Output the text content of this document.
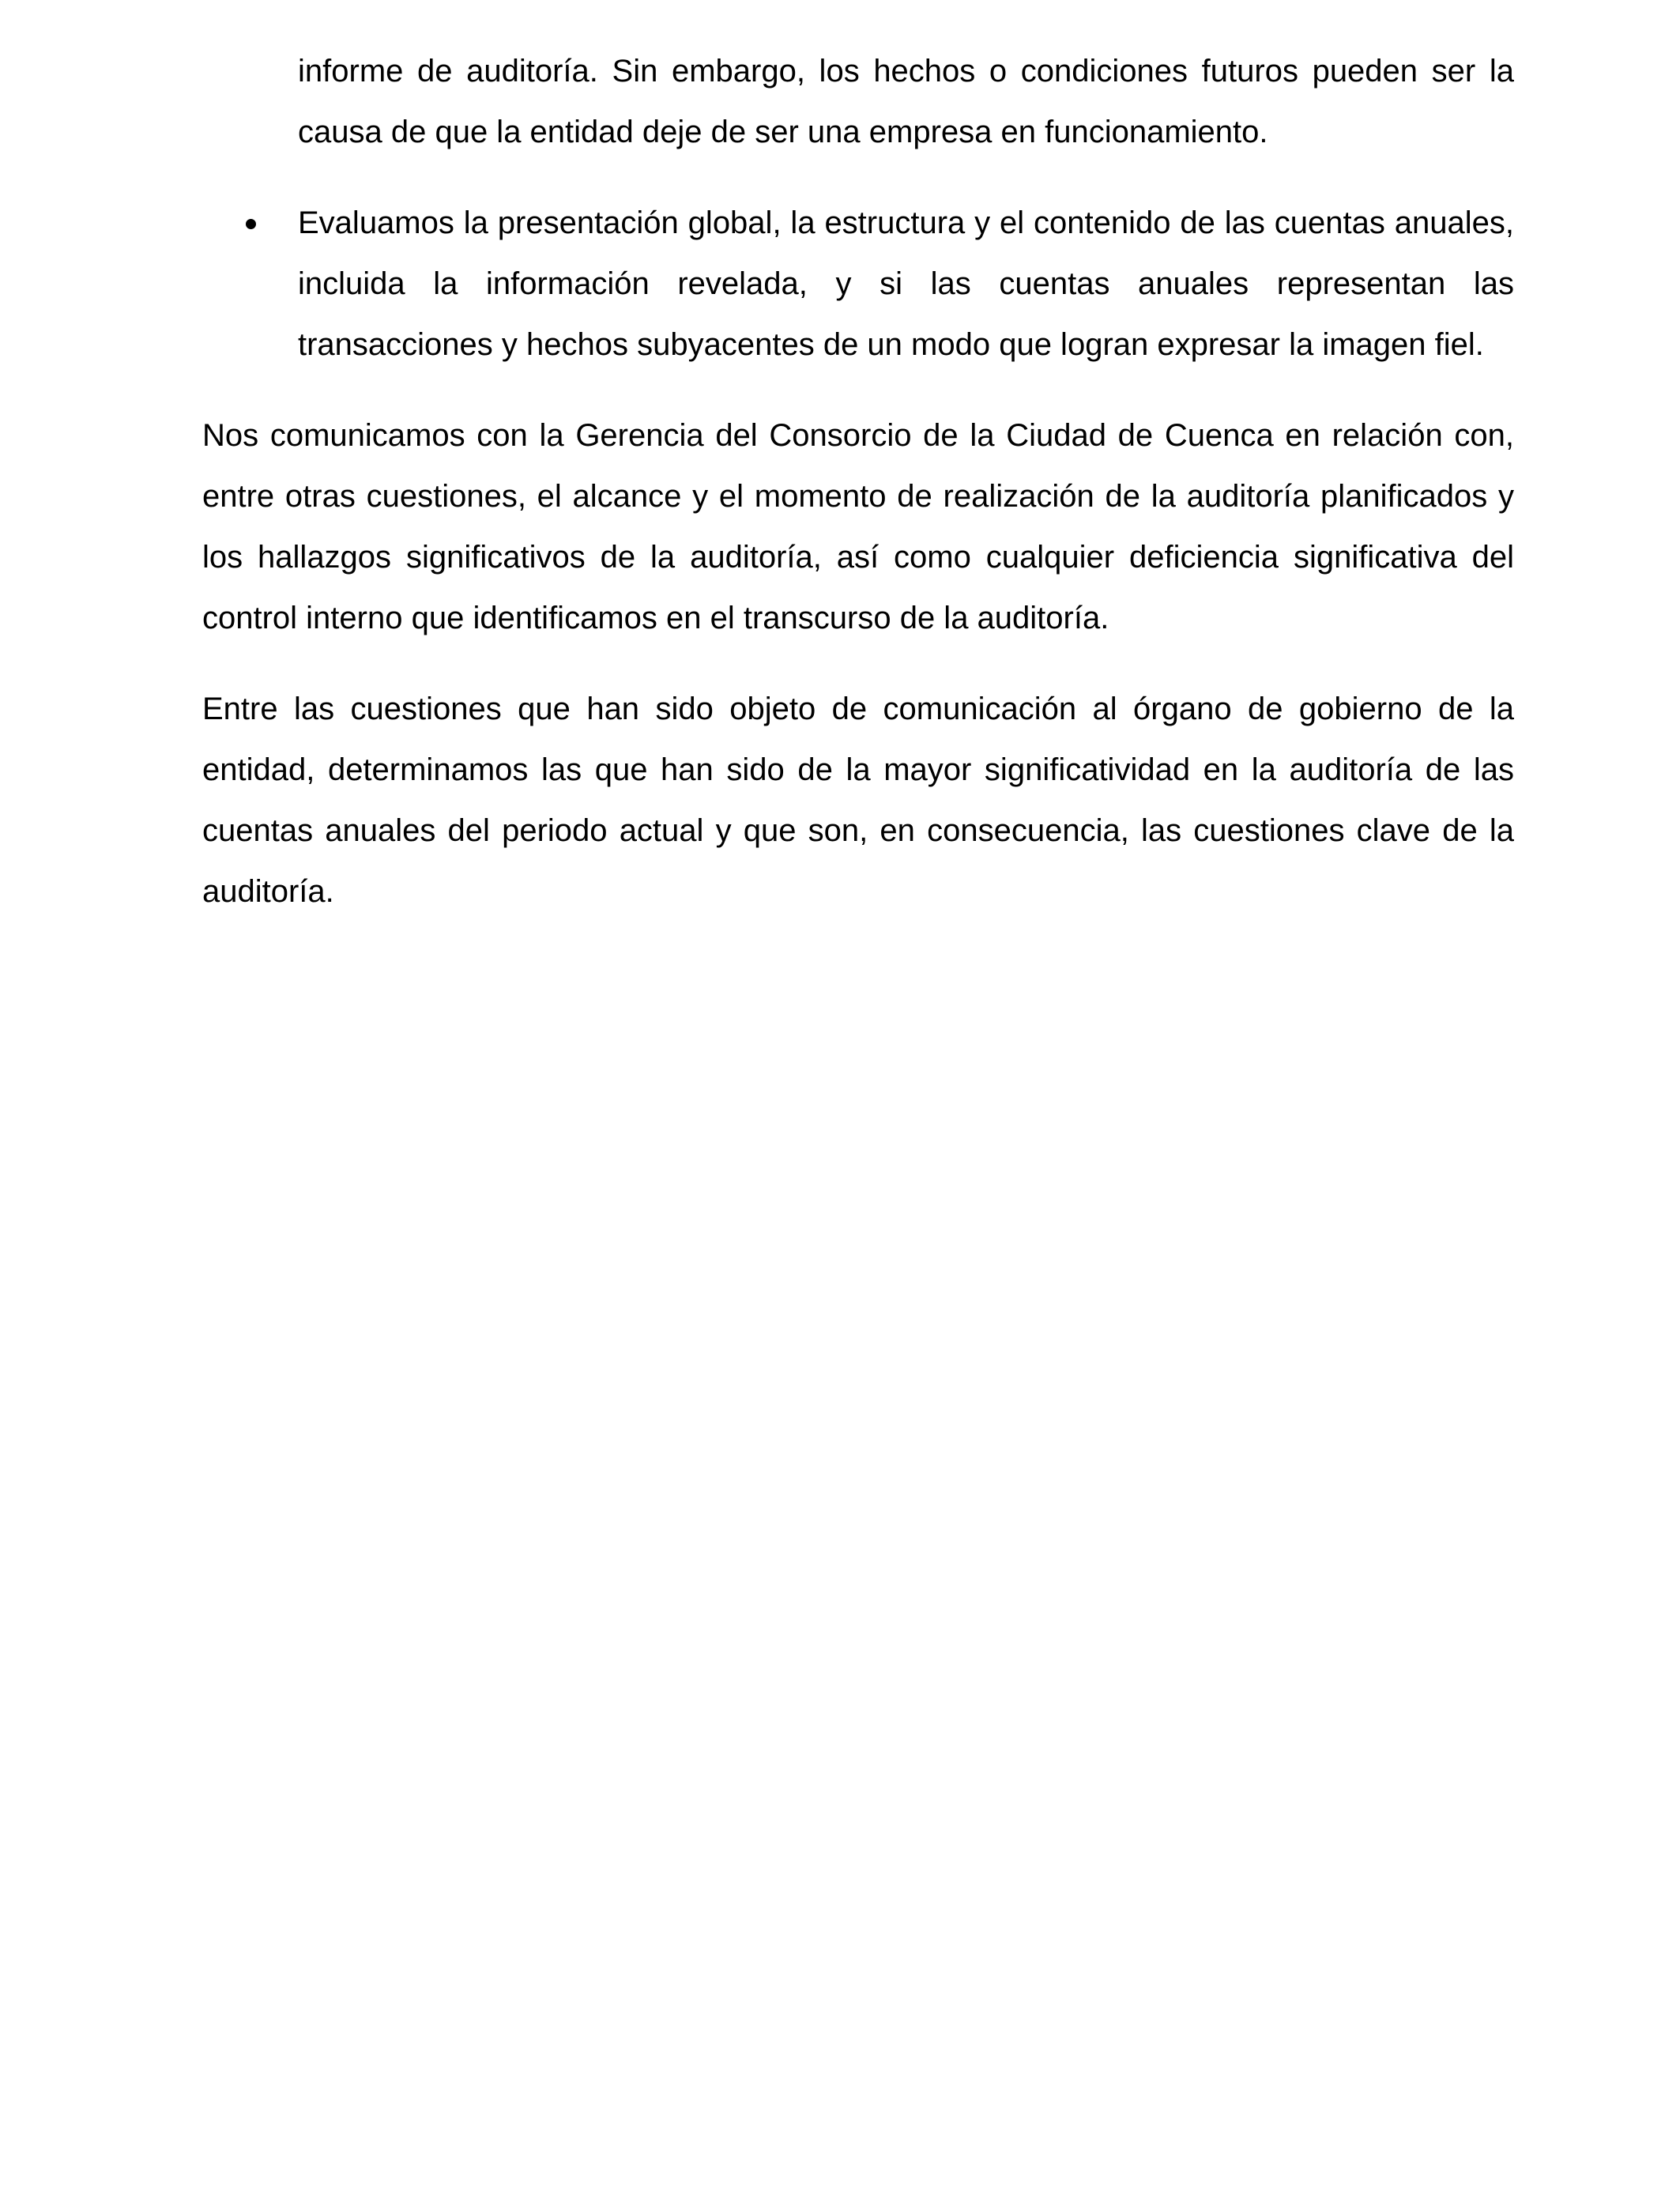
informe de auditoría. Sin embargo, los hechos o condiciones futuros pueden ser la causa de que la entidad deje de ser una empresa en funcionamiento.

Evaluamos la presentación global, la estructura y el contenido de las cuentas anuales, incluida la información revelada, y si las cuentas anuales representan las transacciones y hechos subyacentes de un modo que logran expresar la imagen fiel.

Nos comunicamos con la Gerencia del Consorcio de la Ciudad de Cuenca en relación con, entre otras cuestiones, el alcance y el momento de realización de la auditoría planificados y los hallazgos significativos de la auditoría, así como cualquier deficiencia significativa del control interno que identificamos en el transcurso de la auditoría.

Entre las cuestiones que han sido objeto de comunicación al órgano de gobierno de la entidad, determinamos las que han sido de la mayor significatividad en la auditoría de las cuentas anuales del periodo actual y que son, en consecuencia, las cuestiones clave de la auditoría.
